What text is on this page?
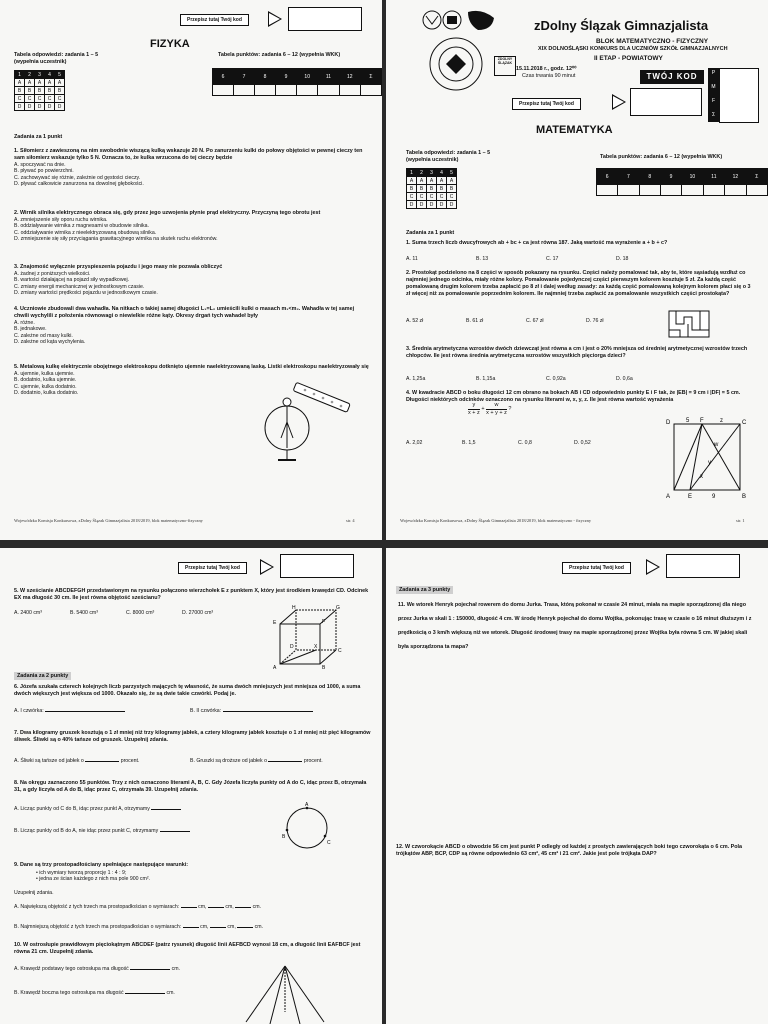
Przepisz tutaj Twój kod
FIZYKA
Tabela odpowiedzi: zadania 1 – 5
(wypełnia uczestnik)
Tabela punktów: zadania 6 – 12 (wypełnia WKK)
1	2	3	4	5
A	A	A	A	A
B	B	B	B	B
C	C	C	C	C
D	D	D	D	D
6	7	8	9	10	11	12	Σ

Zadania za 1 punkt
1. Siłomierz z zawieszoną na nim swobodnie wiszącą kulką wskazuje 20 N. Po zanurzeniu kulki do połowy objętości w pewnej cieczy ten sam siłomierz wskazuje tylko 5 N. Oznacza to, że kulka wrzucona do tej cieczy będzie
A. spoczywać na dnie.
B. pływać po powierzchni.
C. zachowywać się różnie, zależnie od gęstości cieczy.
D. pływać całkowicie zanurzona na dowolnej głębokości.
2. Wirnik silnika elektrycznego obraca się, gdy przez jego uzwojenia płynie prąd elektryczny. Przyczyną tego obrotu jest
A. zmniejszenie siły oporu ruchu wirnika.
B. oddziaływanie wirnika z magnesami w obudowie silnika.
C. oddziaływanie wirnika z nieelektryzowaną obudową silnika.
D. zmniejszenie się siły przyciągania grawitacyjnego wirnika na skutek ruchu elektronów.
3. Znajomość wyłącznie przyspieszenia pojazdu i jego masy nie pozwala obliczyć
A. żadnej z poniższych wielkości.
B. wartości działającej na pojazd siły wypadkowej.
C. zmiany energii mechanicznej w jednostkowym czasie.
D. zmiany wartości prędkości pojazdu w jednostkowym czasie.
4. Uczniowie zbudowali dwa wahadła. Na nitkach o takiej samej długości L₁=L₂ umieścili kulki o masach m₁<m₂. Wahadła w tej samej chwili wychylili z położenia równowagi o niewielkie różne kąty. Okresy drgań tych wahadeł były
A. różne.
B. jednakowe.
C. zależne od masy kulki.
D. zależne od kąta wychylenia.
5. Metalową kulkę elektrycznie obojętnego elektroskopu dotknięto ujemnie naelektryzowaną laską. Listki elektroskopu naelektryzowały się
A. ujemnie, kulka ujemnie.
B. dodatnio, kulka ujemnie.
C. ujemnie, kulka dodatnio.
D. dodatnio, kulka dodatnio.
Wojewódzka Komisja Konkursowa, zDolny Ślązak Gimnazjalista 2018/2019, blok matematyczno-fizyczny	str. 4
ZDOLNY
ŚLĄZAK
zDolny Ślązak Gimnazjalista
BLOK MATEMATYCZNO - FIZYCZNY
XIX DOLNOŚLĄSKI KONKURS DLA UCZNIÓW SZKÓŁ GIMNAZJALNYCH
II ETAP - POWIATOWY
15.11.2018 r., godz. 12⁰⁰
Czas trwania 90 minut	TWÓJ KOD	P
M
F
Σ
Przepisz tutaj Twój kod
MATEMATYKA
Tabela odpowiedzi: zadania 1 – 5
(wypełnia uczestnik)	Tabela punktów: zadania 6 – 12 (wypełnia WKK)
1	2	3	4	5
A	A	A	A	A
B	B	B	B	B
C	C	C	C	C
D	D	D	D	D
6	7	8	9	10	11	12	Σ

Zadania za 1 punkt
1. Suma trzech liczb dwucyfrowych ab + bc + ca jest równa 187. Jaką wartość ma wyrażenie a + b + c?
A. 11	B. 13	C. 17	D. 18
2. Prostokąt podzielono na 8 części w sposób pokazany na rysunku. Części należy pomalować tak, aby te, które sąsiadują wzdłuż co najmniej jednego odcinka, miały różne kolory. Pomalowanie pojedynczej części pierwszym kolorem kosztuje 5 zł. Za każdą część pomalowaną drugim kolorem trzeba zapłacić po 8 zł i dalej według zasady: za każdą część pomalowaną kolejnym kolorem płaci się o 3 zł więcej niż za pomalowanie poprzednim kolorem. Ile najmniej trzeba zapłacić za pomalowanie wszystkich części prostokąta?
A. 52 zł	B. 61 zł	C. 67 zł	D. 76 zł
3. Średnia arytmetyczna wzrostów dwóch dziewcząt jest równa a cm i jest o 20% mniejsza od średniej arytmetycznej wzrostów trzech chłopców. Ile jest równa średnia arytmetyczna wzrostów wszystkich pięciorga dzieci?
A. 1,25a	B. 1,15a	C. 0,92a	D. 0,6a
4. W kwadracie ABCD o boku długości 12 cm obrano na bokach AB i CD odpowiednio punkty E i F tak, że |EB| = 9 cm i |DF| = 5 cm. Długości niektórych odcinków oznaczono na rysunku literami w, x, y, z. Ile jest równa wartość wyrażenia
$\frac{y}{x + z} + \frac{w}{x + y + z}$ ?
A. 2,02	B. 1,5	C. 0,8	D. 0,52
D	5 F	z	C
w
y
x
A	E	9	B
Wojewódzka Komisja Konkursowa, zDolny Ślązak Gimnazjalista 2018/2019, blok matematyczno - fizyczny	str. 1
Przepisz tutaj Twój kod
5. W sześcianie ABCDEFGH przedstawionym na rysunku połączono wierzchołek E z punktem X, który jest środkiem krawędzi CD. Odcinek EX ma długość 30 cm. Ile jest równa objętość sześcianu?
A. 2400 cm³	B. 5400 cm³	C. 8000 cm³	D. 27000 cm³
H	G
E	F
D	X
C
A	B
Zadania za 2 punkty
6. Józefa szukała czterech kolejnych liczb parzystych mających tę własność, że suma dwóch mniejszych jest mniejsza od 1000, a suma dwóch większych jest większa od 1000. Okazało się, że są dwie takie czwórki. Podaj je.
A. I czwórka:	B. II czwórka:
7. Dwa kilogramy gruszek kosztują o 1 zł mniej niż trzy kilogramy jabłek, a cztery kilogramy jabłek kosztuje o 1 zł mniej niż pięć kilogramów śliwek. Śliwki są o 40% tańsze od gruszek. Uzupełnij zdania.
A. Śliwki są tańsze od jabłek o	procent.	B. Gruszki są droższe od jabłek o	procent.
8. Na okręgu zaznaczono 55 punktów. Trzy z nich oznaczono literami A, B, C. Gdy Józefa liczyła punkty od A do C, idąc przez B, otrzymała 31, a gdy liczyła od A do B, idąc przez C, otrzymała 39. Uzupełnij zdania.
A. Licząc punkty od C do B, idąc przez punkt A, otrzymamy
B. Licząc punkty od B do A, nie idąc przez punkt C, otrzymamy
A
B
C
9. Dane są trzy prostopadłościany spełniające następujące warunki:
• ich wymiary tworzą proporcję 1 : 4 : 9;
• jedna ze ścian każdego z nich ma pole 900 cm².
Uzupełnij zdania.
A. Największą objętość z tych trzech ma prostopadłościan o wymiarach:	cm,	cm,	cm.
B. Najmniejszą objętość z tych trzech ma prostopadłościan o wymiarach:	cm,	cm,	cm.
10. W ostrosłupie prawidłowym pięciokątnym ABCDEF (patrz rysunek) długość linii AEFBCD wynosi 18 cm, a długość linii EAFBCF jest równa 21 cm. Uzupełnij zdania.
A. Krawędź podstawy tego ostrosłupa ma długość	cm.
B. Krawędź boczna tego ostrosłupa ma długość	cm.
Przepisz tutaj Twój kod
Zadania za 3 punkty
11. We wtorek Henryk pojechał rowerem do domu Jurka. Trasa, którą pokonał w czasie 24 minut, miała na mapie sporządzonej dla niego przez Jurka w skali 1 : 150000, długość 4 cm. W środę Henryk pojechał do domu Wojtka, pokonując trasę w czasie o 16 minut dłuższym i z prędkością o 3 km/h większą niż we wtorek. Długość środowej trasy na mapie sporządzonej przez Wojtka była równa 5 cm. W jakiej skali była sporządzona ta mapa?
12. W czworokącie ABCD o obwodzie 56 cm jest punkt P odległy od każdej z prostych zawierających boki tego czworokąta o 6 cm. Pola trójkątów ABP, BCP, CDP są równe odpowiednio 63 cm², 45 cm² i 21 cm². Jakie jest pole trójkąta DAP?
